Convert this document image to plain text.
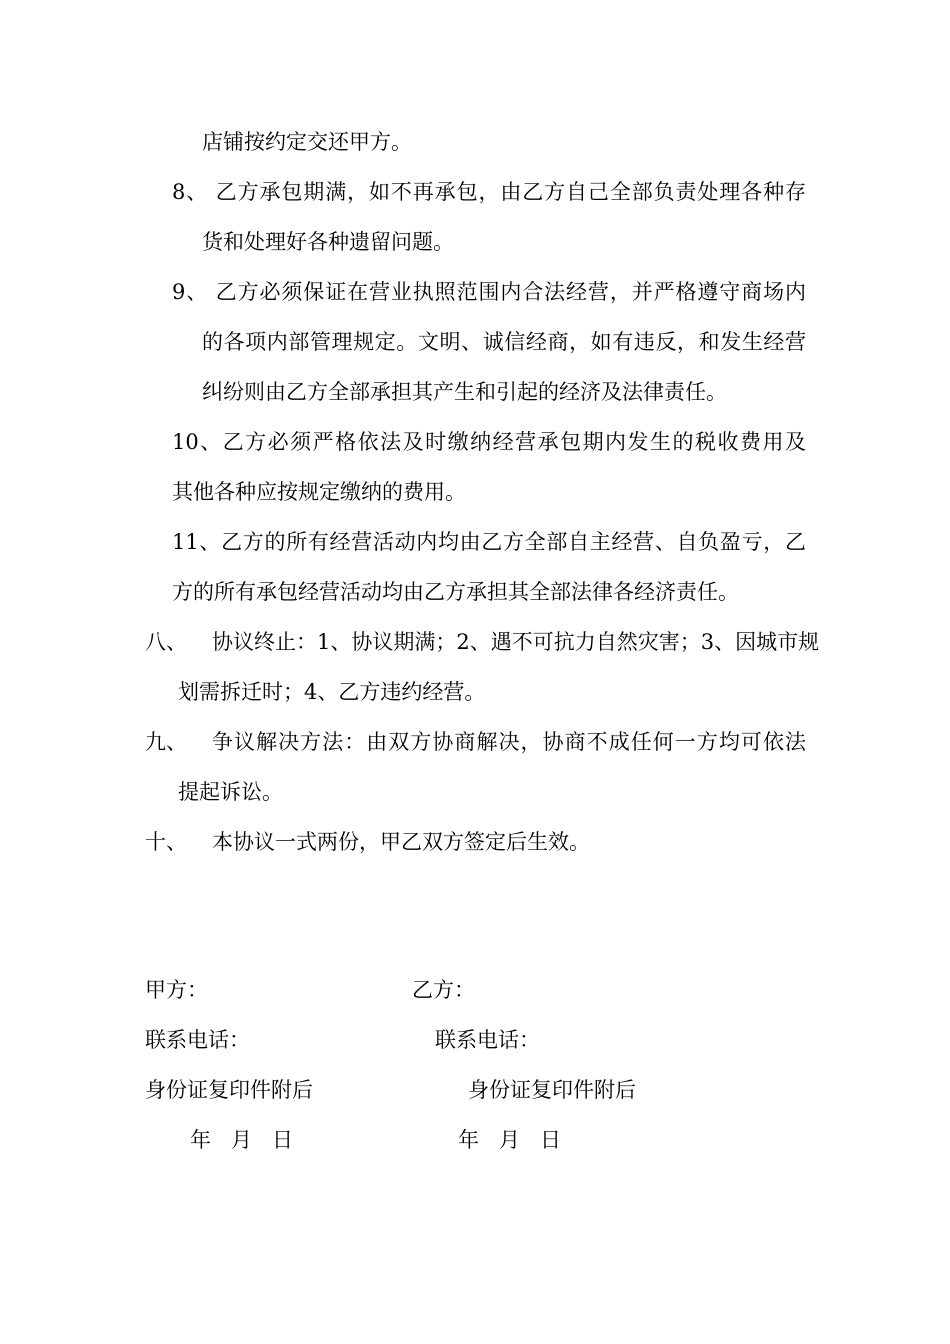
店铺按约定交还甲方。
8、 乙方承包期满，如不再承包，由乙方自己全部负责处理各种存
货和处理好各种遗留问题。
9、 乙方必须保证在营业执照范围内合法经营，并严格遵守商场内
的各项内部管理规定。文明、诚信经商，如有违反，和发生经营
纠纷则由乙方全部承担其产生和引起的经济及法律责任。
10、乙方必须严格依法及时缴纳经营承包期内发生的税收费用及
其他各种应按规定缴纳的费用。
11、乙方的所有经营活动内均由乙方全部自主经营、自负盈亏，乙
方的所有承包经营活动均由乙方承担其全部法律各经济责任。
八、 协议终止：1、协议期满；2、遇不可抗力自然灾害；3、因城市规
划需拆迁时；4、乙方违约经营。
九、 争议解决方法：由双方协商解决，协商不成任何一方均可依法
提起诉讼。
十、 本协议一式两份，甲乙双方签定后生效。
甲方：	乙方：
联系电话：	联系电话：
身份证复印件附后	身份证复印件附后
年   月   日	年   月   日
